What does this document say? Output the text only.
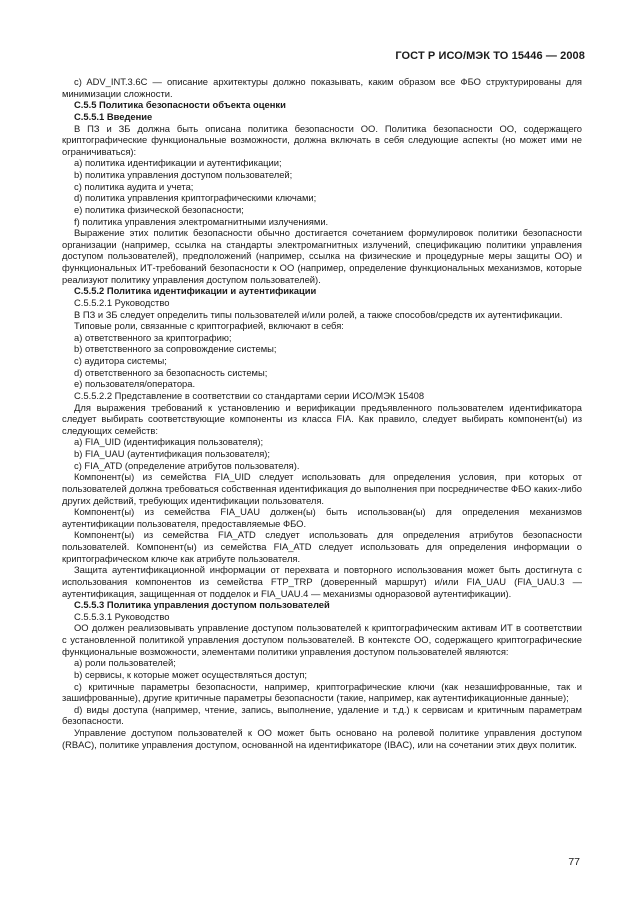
ГОСТ Р ИСО/МЭК ТО 15446 — 2008

c) ADV_INT.3.6C — описание архитектуры должно показывать, каким образом все ФБО структурированы для минимизации сложности.

C.5.5 Политика безопасности объекта оценки

C.5.5.1 Введение

В ПЗ и ЗБ должна быть описана политика безопасности ОО. Политика безопасности ОО, содержащего криптографические функциональные возможности, должна включать в себя следующие аспекты (но может ими не ограничиваться):

a) политика идентификации и аутентификации;

b) политика управления доступом пользователей;

c) политика аудита и учета;

d) политика управления криптографическими ключами;

e) политика физической безопасности;

f) политика управления электромагнитными излучениями.

Выражение этих политик безопасности обычно достигается сочетанием формулировок политики безопасности организации (например, ссылка на стандарты электромагнитных излучений, спецификацию политики управления доступом пользователей), предположений (например, ссылка на физические и процедурные меры защиты ОО) и функциональных ИТ-требований безопасности к ОО (например, определение функциональных механизмов, которые реализуют политику управления доступом пользователей).

C.5.5.2 Политика идентификации и аутентификации

C.5.5.2.1 Руководство

В ПЗ и ЗБ следует определить типы пользователей и/или ролей, а также способов/средств их аутентификации.

Типовые роли, связанные с криптографией, включают в себя:

a) ответственного за криптографию;

b) ответственного за сопровождение системы;

c) аудитора системы;

d) ответственного за безопасность системы;

e) пользователя/оператора.

C.5.5.2.2 Представление в соответствии со стандартами серии ИСО/МЭК 15408

Для выражения требований к установлению и верификации предъявленного пользователем идентификатора следует выбирать соответствующие компоненты из класса FIA. Как правило, следует выбирать компонент(ы) из следующих семейств:

a) FIA_UID (идентификация пользователя);

b) FIA_UAU (аутентификация пользователя);

c) FIA_ATD (определение атрибутов пользователя).

Компонент(ы) из семейства FIA_UID следует использовать для определения условия, при которых от пользователей должна требоваться собственная идентификация до выполнения при посредничестве ФБО каких-либо других действий, требующих идентификации пользователя.

Компонент(ы) из семейства FIA_UAU должен(ы) быть использован(ы) для определения механизмов аутентификации пользователя, предоставляемые ФБО.

Компонент(ы) из семейства FIA_ATD следует использовать для определения атрибутов безопасности пользователей. Компонент(ы) из семейства FIA_ATD следует использовать для определения информации о криптографическом ключе как атрибуте пользователя.

Защита аутентификационной информации от перехвата и повторного использования может быть достигнута с использования компонентов из семейства FTP_TRP (доверенный маршрут) и/или FIA_UAU (FIA_UAU.3 — аутентификация, защищенная от подделок и FIA_UAU.4 — механизмы одноразовой аутентификации).

C.5.5.3 Политика управления доступом пользователей

C.5.5.3.1 Руководство

ОО должен реализовывать управление доступом пользователей к криптографическим активам ИТ в соответствии с установленной политикой управления доступом пользователей. В контексте ОО, содержащего криптографические функциональные возможности, элементами политики управления доступом пользователей являются:

a) роли пользователей;

b) сервисы, к которые может осуществляться доступ;

c) критичные параметры безопасности, например, криптографические ключи (как незашифрованные, так и зашифрованные), другие критичные параметры безопасности (такие, например, как аутентификационные данные);

d) виды доступа (например, чтение, запись, выполнение, удаление и т.д.) к сервисам и критичным параметрам безопасности.

Управление доступом пользователей к ОО может быть основано на ролевой политике управления доступом (RBAC), политике управления доступом, основанной на идентификаторе (IBAC), или на сочетании этих двух политик.

77
